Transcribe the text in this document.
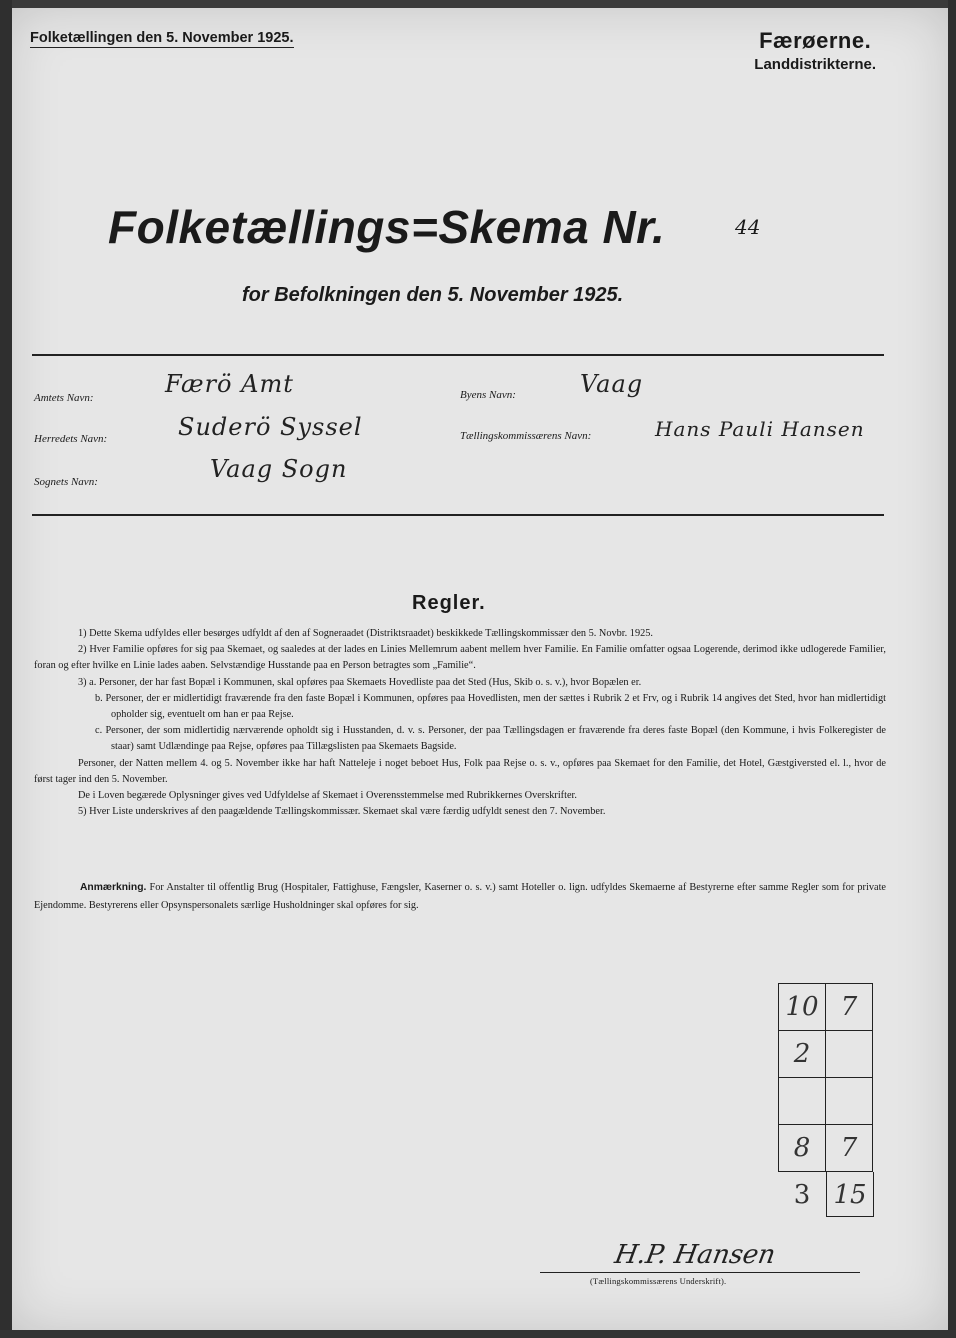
Folketællingen den 5. November 1925.	Færøerne.
Landdistrikterne.
Folketællings=Skema Nr.	44
for Befolkningen den 5. November 1925.
Amtets Navn:	Færö Amt	Byens Navn:	Vaag
Herredets Navn:	Suderö Syssel	Tællingskommissærens Navn:	Hans Pauli Hansen
Sognets Navn:	Vaag Sogn
Regler.

1) Dette Skema udfyldes eller besørges udfyldt af den af Sogneraadet (Distriktsraadet) beskikkede Tællingskommissær den 5. Novbr. 1925.

2) Hver Familie opføres for sig paa Skemaet, og saaledes at der lades en Linies Mellemrum aabent mellem hver Familie. En Familie omfatter ogsaa Logerende, derimod ikke udlogerede Familier, foran og efter hvilke en Linie lades aaben. Selvstændige Husstande paa en Person betragtes som „Familie“.

3) a. Personer, der har fast Bopæl i Kommunen, skal opføres paa Skemaets Hovedliste paa det Sted (Hus, Skib o. s. v.), hvor Bopælen er.

b. Personer, der er midlertidigt fraværende fra den faste Bopæl i Kommunen, opføres paa Hovedlisten, men der sættes i Rubrik 2 et Frv, og i Rubrik 14 angives det Sted, hvor han midlertidigt opholder sig, eventuelt om han er paa Rejse.

c. Personer, der som midlertidig nærværende opholdt sig i Husstanden, d. v. s. Personer, der paa Tællingsdagen er fraværende fra deres faste Bopæl (den Kommune, i hvis Folkeregister de staar) samt Udlændinge paa Rejse, opføres paa Tillægslisten paa Skemaets Bagside.

Personer, der Natten mellem 4. og 5. November ikke har haft Natteleje i noget beboet Hus, Folk paa Rejse o. s. v., opføres paa Skemaet for den Familie, det Hotel, Gæstgiversted el. l., hvor de først tager ind den 5. November.

De i Loven begærede Oplysninger gives ved Udfyldelse af Skemaet i Overensstemmelse med Rubrikkernes Overskrifter.

5) Hver Liste underskrives af den paagældende Tællingskommissær. Skemaet skal være færdig udfyldt senest den 7. November.

Anmærkning. For Anstalter til offentlig Brug (Hospitaler, Fattighuse, Fængsler, Kaserner o. s. v.) samt Hoteller o. lign. udfyldes Skemaerne af Bestyrerne efter samme Regler som for private Ejendomme. Bestyrerens eller Opsynspersonalets særlige Husholdninger skal opføres for sig.
10	7
2	

8	7
3 15
H.P. Hansen
(Tællingskommissærens Underskrift).
